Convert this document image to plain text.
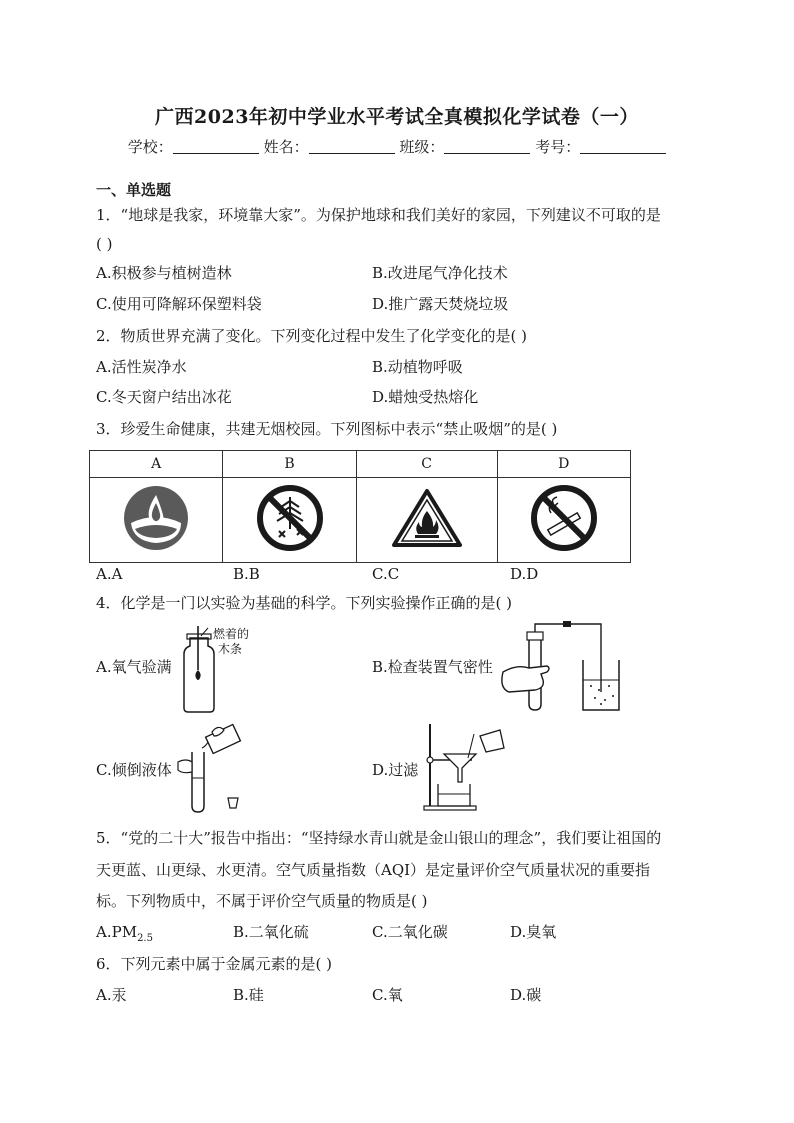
广西2023年初中学业水平考试全真模拟化学试卷（一）
学校：	姓名：	班级：	考号：
一、单选题
1．“地球是我家，环境靠大家”。为保护地球和我们美好的家园，下列建议不可取的是
( )
A.积极参与植树造林	B.改进尾气净化技术
C.使用可降解环保塑料袋	D.推广露天焚烧垃圾
2．物质世界充满了变化。下列变化过程中发生了化学变化的是( )
A.活性炭净水	B.动植物呼吸
C.冬天窗户结出冰花	D.蜡烛受热熔化
3．珍爱生命健康，共建无烟校园。下列图标中表示“禁止吸烟”的是( )
A	B	C	D

A.A	B.B	C.C	D.D
4．化学是一门以实验为基础的科学。下列实验操作正确的是( )
A.氧气验满
燃着的
木条
B.检查装置气密性
C.倾倒液体	D.过滤
5．“党的二十大”报告中指出：“坚持绿水青山就是金山银山的理念”，我们要让祖国的
天更蓝、山更绿、水更清。空气质量指数（AQI）是定量评价空气质量状况的重要指
标。下列物质中，不属于评价空气质量的物质是( )
$A.PM_{2.5}$	B.二氧化硫	C.二氧化碳	D.臭氧
6．下列元素中属于金属元素的是( )
A.汞	B.硅	C.氧	D.碳
